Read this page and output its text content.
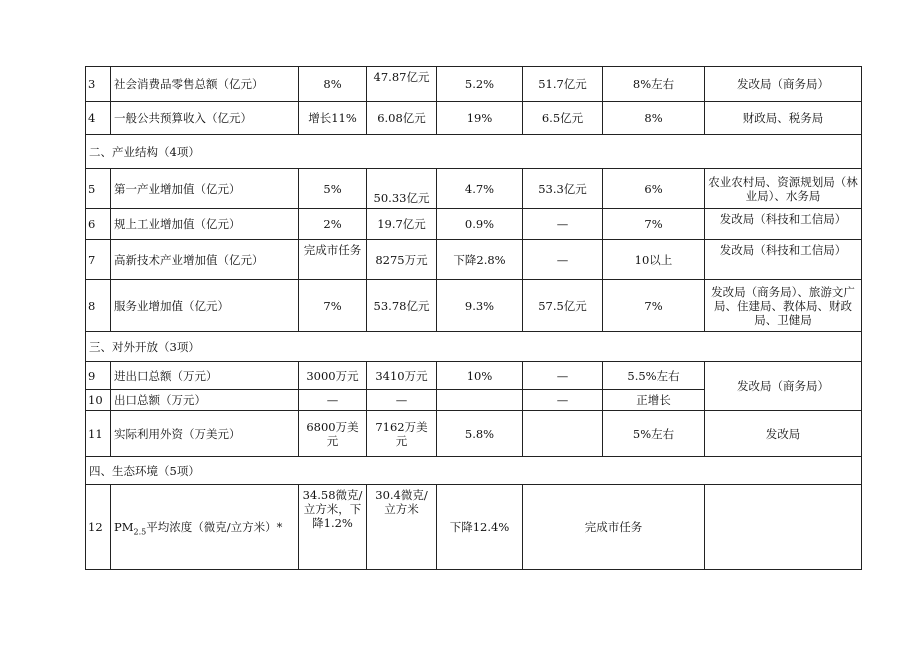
3	社会消费品零售总额（亿元）	8%	47.87亿元	5.2%	51.7亿元	8%左右	发改局（商务局）
4	一般公共预算收入（亿元）	增长11%	6.08亿元	19%	6.5亿元	8%	财政局、税务局
二、产业结构（4项）							
5	第一产业增加值（亿元）	5%	50.33亿元	4.7%	53.3亿元	6%	农业农村局、资源规划局（林业局）、水务局
6	规上工业增加值（亿元）	2%	19.7亿元	0.9%	—	7%	发改局（科技和工信局）
7	高新技术产业增加值（亿元）	完成市任务	8275万元	下降2.8%	—	10以上	发改局（科技和工信局）
8	服务业增加值（亿元）	7%	53.78亿元	9.3%	57.5亿元	7%	发改局（商务局）、旅游文广局、住建局、教体局、财政局、卫健局
三、对外开放（3项）							
9	进出口总额（万元）	3000万元	3410万元	10%	—	5.5%左右	发改局（商务局）
10	出口总额（万元）	—	—		—	正增长	
11	实际利用外资（万美元）	6800万美元	7162万美元	5.8%		5%左右	发改局
四、生态环境（5项）							
12	$PM_{2.5}$平均浓度（微克/立方米）*	34.58微克/立方米，下降1.2%	30.4微克/立方米	下降12.4%	完成市任务		
